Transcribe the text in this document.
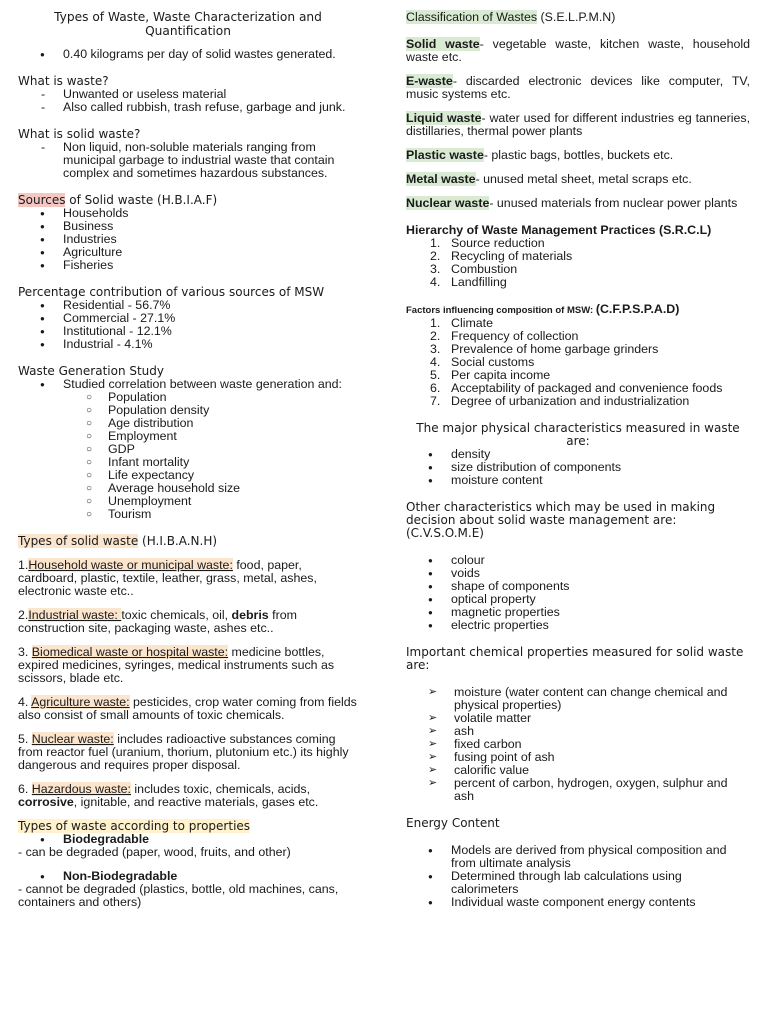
Types of Waste, Waste Characterization and Quantification
● 0.40 kilograms per day of solid wastes generated.
What is waste?
- Unwanted or useless material
- Also called rubbish, trash refuse, garbage and junk.
What is solid waste?
- Non liquid, non-soluble materials ranging from municipal garbage to industrial waste that contain complex and sometimes hazardous substances.
Sources of Solid waste (H.B.I.A.F)
● Households
● Business
● Industries
● Agriculture
● Fisheries
Percentage contribution of various sources of MSW
● Residential - 56.7%
● Commercial - 27.1%
● Institutional - 12.1%
● Industrial - 4.1%
Waste Generation Study
● Studied correlation between waste generation and:
○ Population
○ Population density
○ Age distribution
○ Employment
○ GDP
○ Infant mortality
○ Life expectancy
○ Average household size
○ Unemployment
○ Tourism
Types of solid waste (H.I.B.A.N.H)

1.Household waste or municipal waste: food, paper, cardboard, plastic, textile, leather, grass, metal, ashes, electronic waste etc..

2.Industrial waste: toxic chemicals, oil, debris from construction site, packaging waste, ashes etc..

3. Biomedical waste or hospital waste: medicine bottles, expired medicines, syringes, medical instruments such as scissors, blade etc.

4. Agriculture waste: pesticides, crop water coming from fields also consist of small amounts of toxic chemicals.

5. Nuclear waste: includes radioactive substances coming from reactor fuel (uranium, thorium, plutonium etc.) its highly dangerous and requires proper disposal.

6. Hazardous waste: includes toxic, chemicals, acids, corrosive, ignitable, and reactive materials, gases etc.

Types of waste according to properties
● Biodegradable

- can be degraded (paper, wood, fruits, and other)

● Non-Biodegradable

- cannot be degraded (plastics, bottle, old machines, cans, containers and others)

Classification of Wastes (S.E.L.P.M.N)

Solid waste- vegetable waste, kitchen waste, household waste etc.

E-waste- discarded electronic devices like computer, TV, music systems etc.

Liquid waste- water used for different industries eg tanneries, distillaries, thermal power plants

Plastic waste- plastic bags, bottles, buckets etc.

Metal waste- unused metal sheet, metal scraps etc.

Nuclear waste- unused materials from nuclear power plants

Hierarchy of Waste Management Practices (S.R.C.L)
Source reduction
Recycling of materials
Combustion
Landfilling
Factors influencing composition of MSW: (C.F.P.S.P.A.D)
Climate
Frequency of collection
Prevalence of home garbage grinders
Social customs
Per capita income
Acceptability of packaged and convenience foods
Degree of urbanization and industrialization
The major physical characteristics measured in waste are:
● density
● size distribution of components
● moisture content
Other characteristics which may be used in making decision about solid waste management are: (C.V.S.O.M.E)
● colour
● voids
● shape of components
● optical property
● magnetic properties
● electric properties
Important chemical properties measured for solid waste are:
➢ moisture (water content can change chemical and physical properties)
➢ volatile matter
➢ ash
➢ fixed carbon
➢ fusing point of ash
➢ calorific value
➢ percent of carbon, hydrogen, oxygen, sulphur and ash
Energy Content
● Models are derived from physical composition and from ultimate analysis
● Determined through lab calculations using calorimeters
● Individual waste component energy contents
